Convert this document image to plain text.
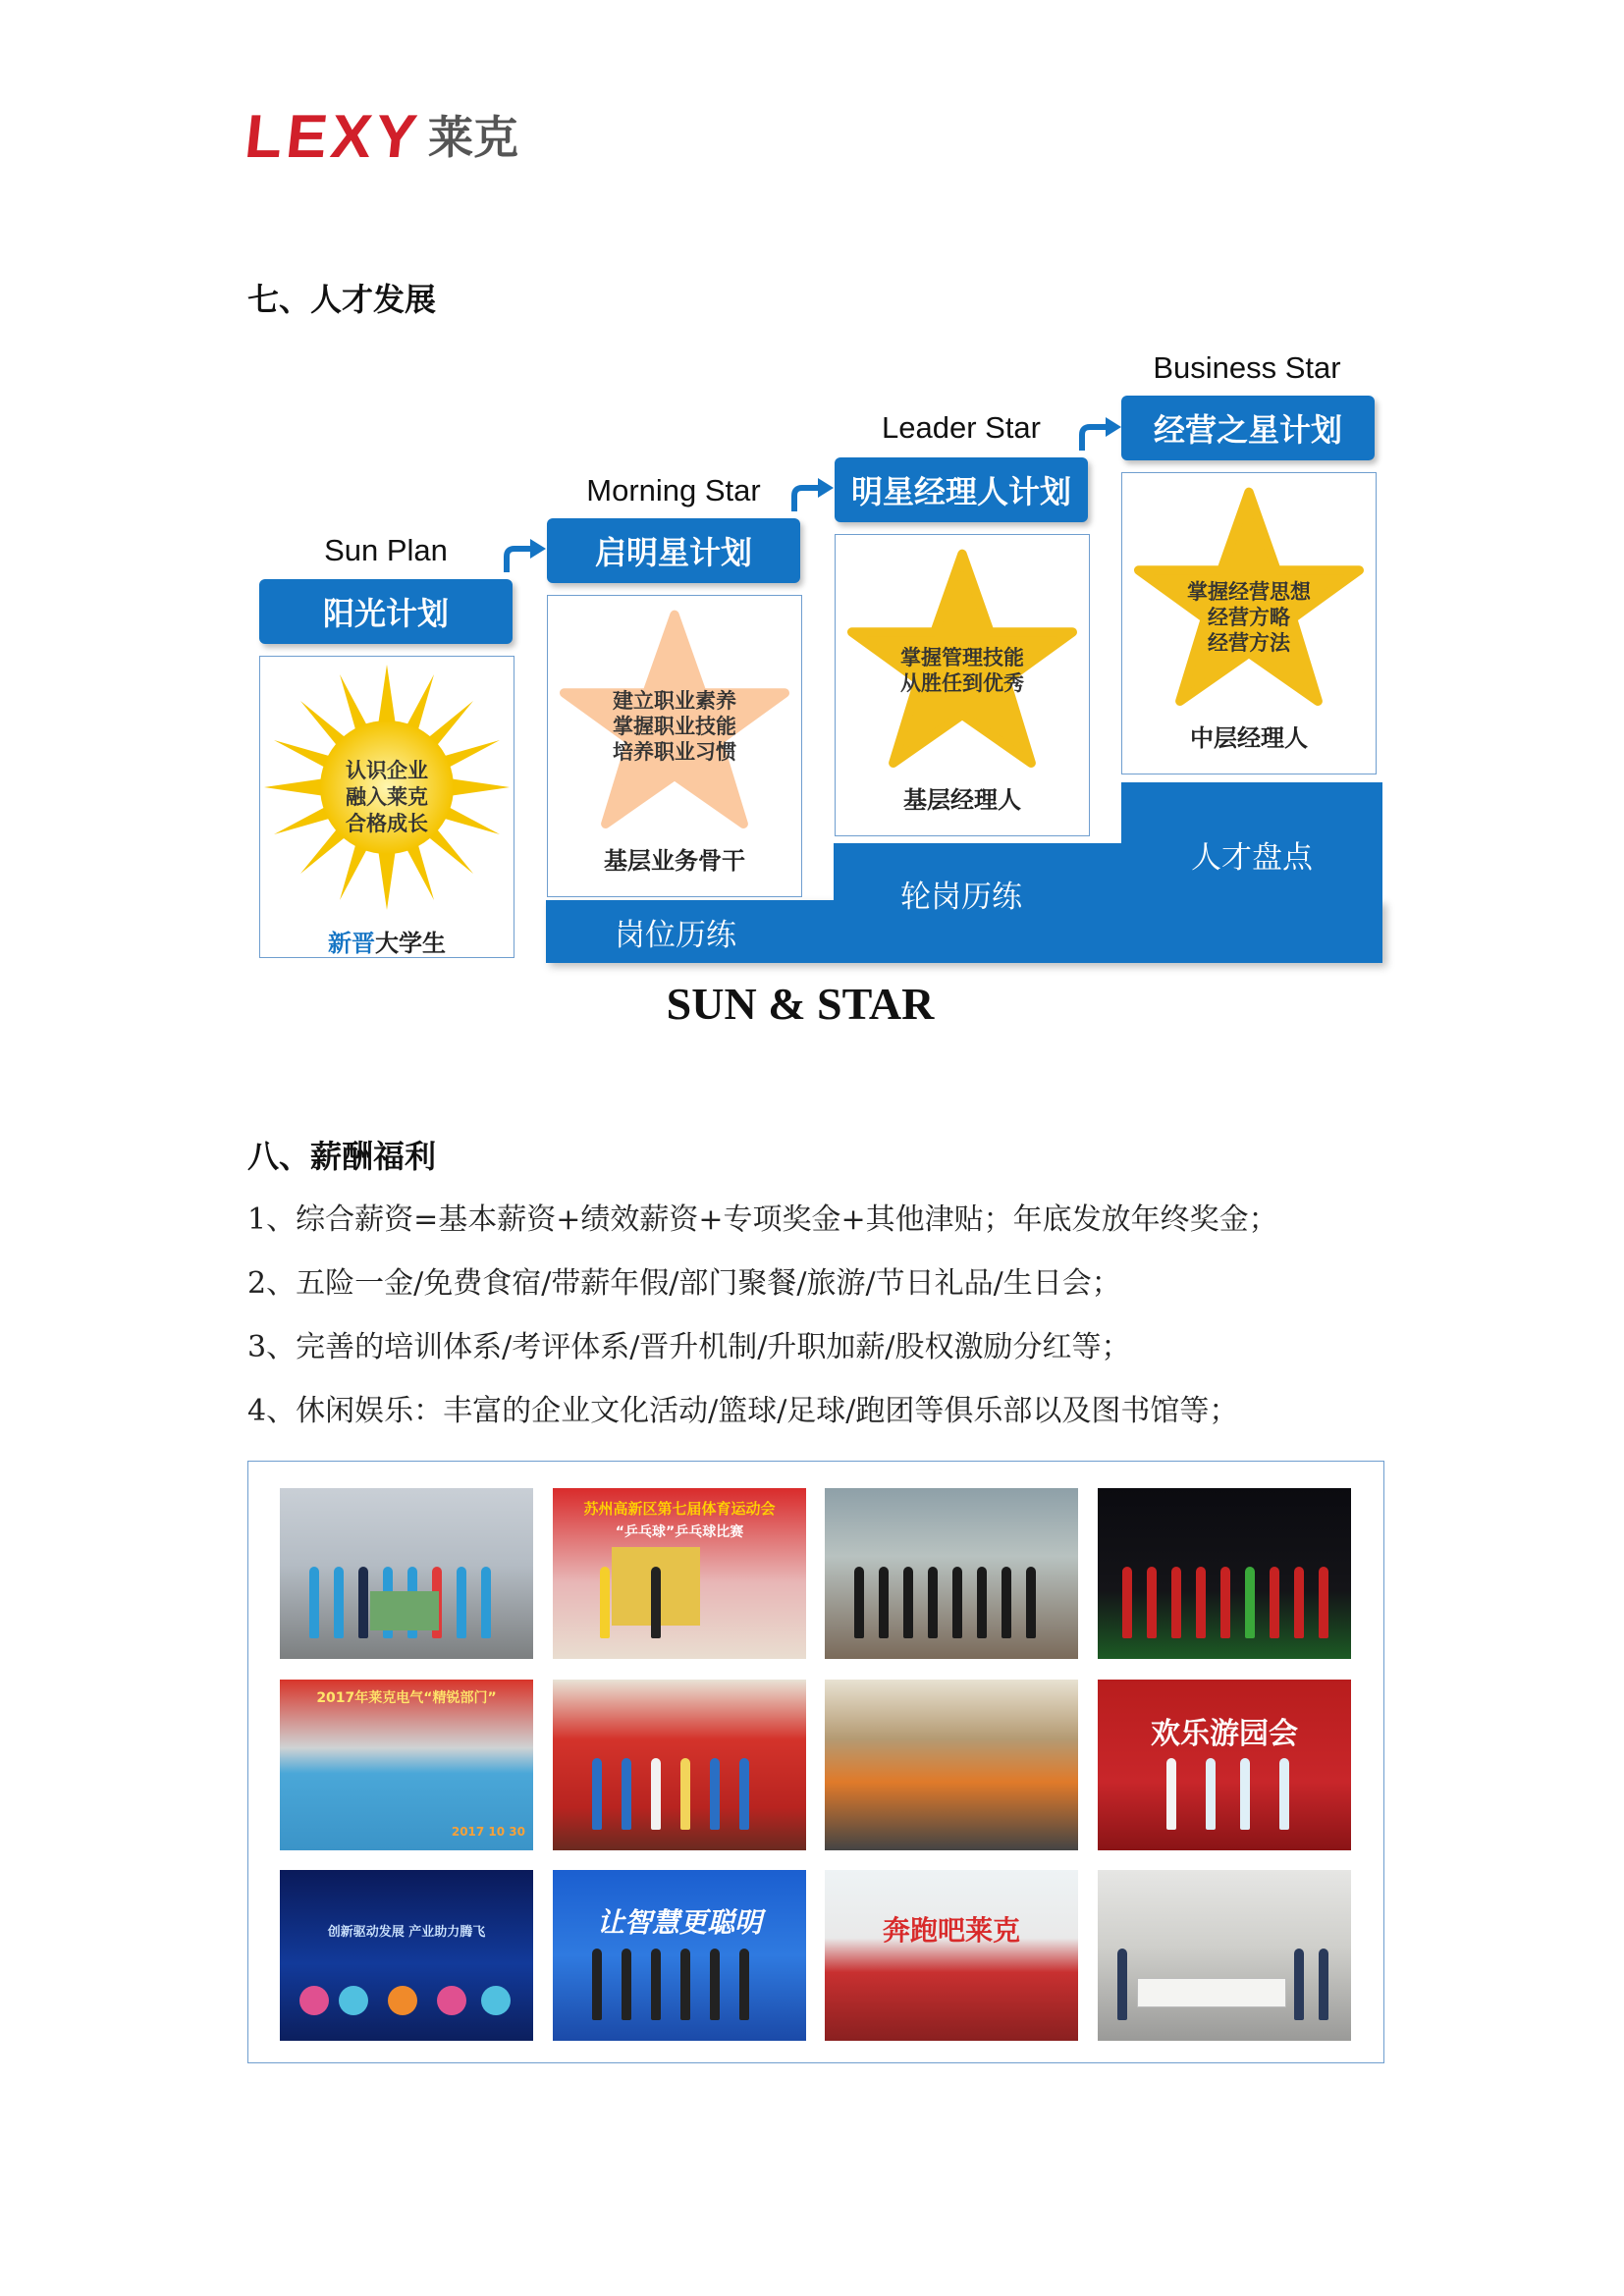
LEXY 莱克
七、人才发展
岗位历练
轮岗历练
人才盘点
Sun Plan
Morning Star
Leader Star
Business Star
阳光计划
启明星计划
明星经理人计划
经营之星计划
认识企业
融入莱克
合格成长
新晋大学生
建立职业素养
掌握职业技能
培养职业习惯
基层业务骨干
掌握管理技能
从胜任到优秀
基层经理人
掌握经营思想
经营方略
经营方法
中层经理人
SUN & STAR
八、薪酬福利
1、综合薪资=基本薪资+绩效薪资+专项奖金+其他津贴；年底发放年终奖金；
2、五险一金/免费食宿/带薪年假/部门聚餐/旅游/节日礼品/生日会；
3、完善的培训体系/考评体系/晋升机制/升职加薪/股权激励分红等；
4、休闲娱乐：丰富的企业文化活动/篮球/足球/跑团等俱乐部以及图书馆等；
苏州高新区第七届体育运动会
“乒乓球”乒乓球比赛
2017年莱克电气“精锐部门”
2017 10 30
欢乐游园会
创新驱动发展 产业助力腾飞	让智慧更聪明	奔跑吧莱克
